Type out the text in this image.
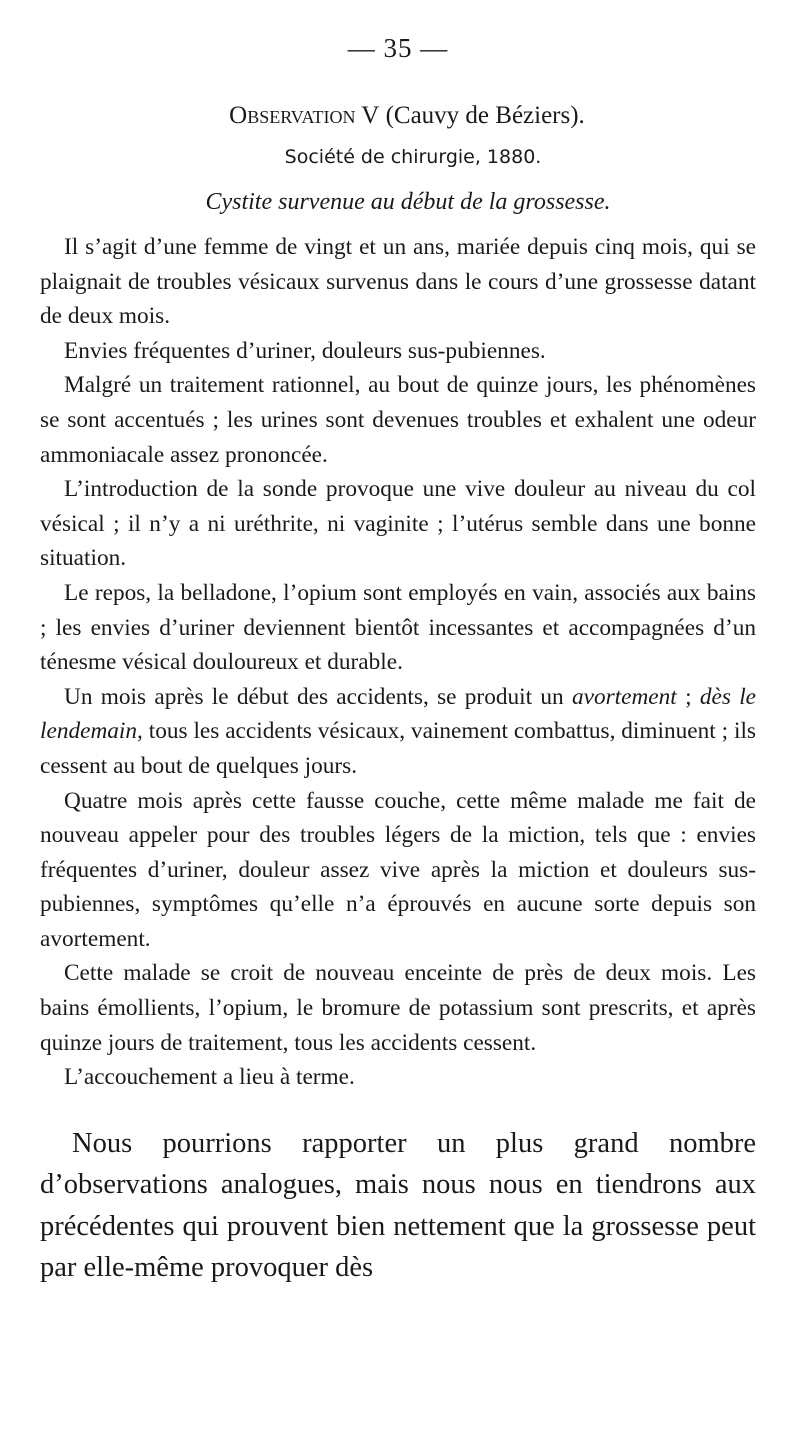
— 35 —
Observation V (Cauvy de Béziers).
Société de chirurgie, 1880.
Cystite survenue au début de la grossesse.

Il s’agit d’une femme de vingt et un ans, mariée depuis cinq mois, qui se plaignait de troubles vésicaux survenus dans le cours d’une grossesse datant de deux mois.

Envies fréquentes d’uriner, douleurs sus-pubiennes.

Malgré un traitement rationnel, au bout de quinze jours, les phénomènes se sont accentués ; les urines sont devenues troubles et exhalent une odeur ammoniacale assez prononcée.

L’introduction de la sonde provoque une vive douleur au niveau du col vésical ; il n’y a ni uréthrite, ni vaginite ; l’utérus semble dans une bonne situation.

Le repos, la belladone, l’opium sont employés en vain, associés aux bains ; les envies d’uriner deviennent bientôt incessantes et accompagnées d’un ténesme vésical douloureux et durable.

Un mois après le début des accidents, se produit un avortement ; dès le lendemain, tous les accidents vésicaux, vainement combattus, diminuent ; ils cessent au bout de quelques jours.

Quatre mois après cette fausse couche, cette même malade me fait de nouveau appeler pour des troubles légers de la miction, tels que : envies fréquentes d’uriner, douleur assez vive après la miction et douleurs sus-pubiennes, symptômes qu’elle n’a éprouvés en aucune sorte depuis son avortement.

Cette malade se croit de nouveau enceinte de près de deux mois. Les bains émollients, l’opium, le bromure de potassium sont prescrits, et après quinze jours de traitement, tous les accidents cessent.

L’accouchement a lieu à terme.

Nous pourrions rapporter un plus grand nombre d’observations analogues, mais nous nous en tiendrons aux précédentes qui prouvent bien nettement que la grossesse peut par elle-même provoquer dès
